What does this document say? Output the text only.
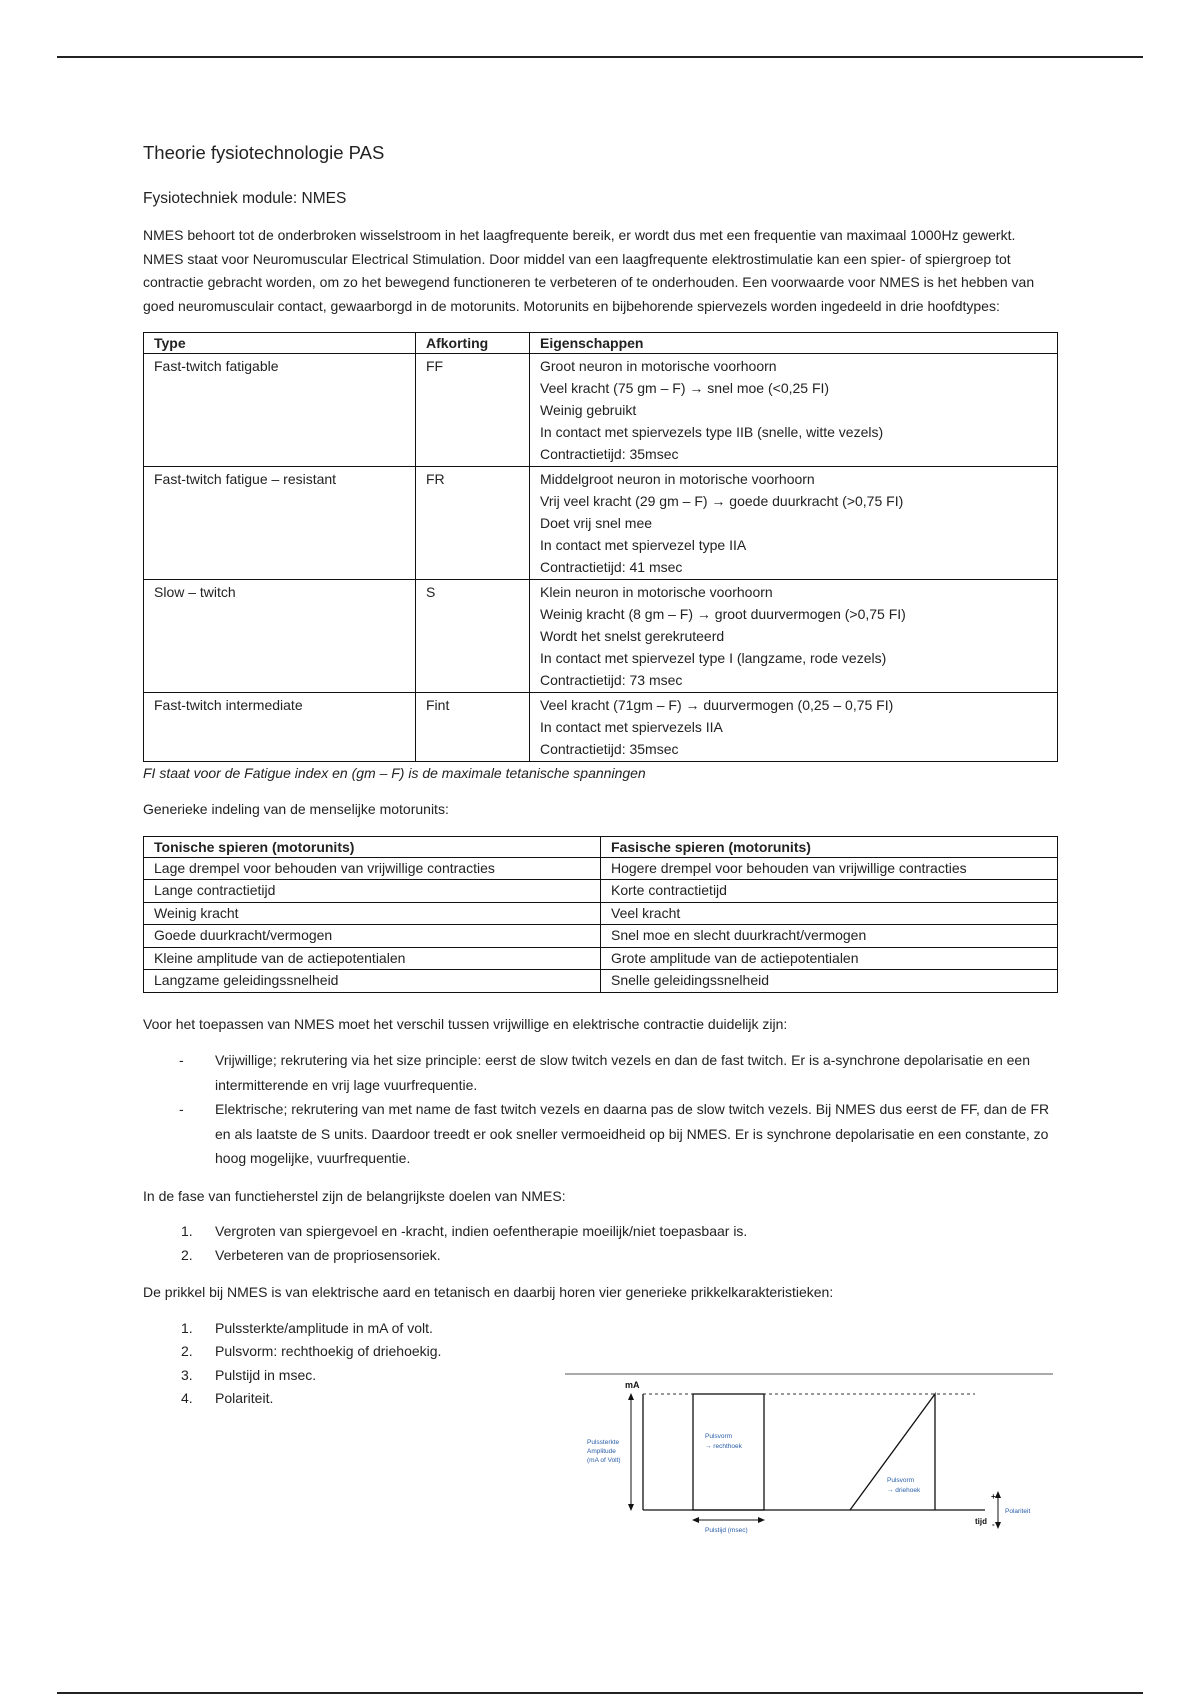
Theorie fysiotechnologie PAS
Fysiotechniek module: NMES

NMES behoort tot de onderbroken wisselstroom in het laagfrequente bereik, er wordt dus met een frequentie van maximaal 1000Hz gewerkt. NMES staat voor Neuromuscular Electrical Stimulation. Door middel van een laagfrequente elektrostimulatie kan een spier- of spiergroep tot contractie gebracht worden, om zo het bewegend functioneren te verbeteren of te onderhouden. Een voorwaarde voor NMES is het hebben van goed neuromusculair contact, gewaarborgd in de motorunits. Motorunits en bijbehorende spiervezels worden ingedeeld in drie hoofdtypes:

Type	Afkorting	Eigenschappen
Fast-twitch fatigable	FF	Groot neuron in motorische voorhoorn
Veel kracht (75 gm – F) → snel moe (<0,25 FI)
Weinig gebruikt
In contact met spiervezels type IIB (snelle, witte vezels)
Contractietijd: 35msec

Fast-twitch fatigue – resistant	FR	Middelgroot neuron in motorische voorhoorn
Vrij veel kracht (29 gm – F) → goede duurkracht (>0,75 FI)
Doet vrij snel mee
In contact met spiervezel type IIA
Contractietijd: 41 msec

Slow – twitch	S	Klein neuron in motorische voorhoorn
Weinig kracht (8 gm – F) → groot duurvermogen (>0,75 FI)
Wordt het snelst gerekruteerd
In contact met spiervezel type I (langzame, rode vezels)
Contractietijd: 73 msec

Fast-twitch intermediate	Fint	Veel kracht (71gm – F) → duurvermogen (0,25 – 0,75 FI)
In contact met spiervezels IIA
Contractietijd: 35msec
FI staat voor de Fatigue index en (gm – F) is de maximale tetanische spanningen

Generieke indeling van de menselijke motorunits:

Tonische spieren (motorunits)	Fasische spieren (motorunits)
Lage drempel voor behouden van vrijwillige contracties	Hogere drempel voor behouden van vrijwillige contracties
Lange contractietijd	Korte contractietijd
Weinig kracht	Veel kracht
Goede duurkracht/vermogen	Snel moe en slecht duurkracht/vermogen
Kleine amplitude van de actiepotentialen	Grote amplitude van de actiepotentialen
Langzame geleidingssnelheid	Snelle geleidingssnelheid

Voor het toepassen van NMES moet het verschil tussen vrijwillige en elektrische contractie duidelijk zijn:

- Vrijwillige; rekrutering via het size principle: eerst de slow twitch vezels en dan de fast twitch. Er is a-synchrone depolarisatie en een intermitterende en vrij lage vuurfrequentie.
- Elektrische; rekrutering van met name de fast twitch vezels en daarna pas de slow twitch vezels. Bij NMES dus eerst de FF, dan de FR en als laatste de S units. Daardoor treedt er ook sneller vermoeidheid op bij NMES. Er is synchrone depolarisatie en een constante, zo hoog mogelijke, vuurfrequentie.

In de fase van functieherstel zijn de belangrijkste doelen van NMES:

1. Vergroten van spiergevoel en -kracht, indien oefentherapie moeilijk/niet toepasbaar is.
2. Verbeteren van de propriosensoriek.

De prikkel bij NMES is van elektrische aard en tetanisch en daarbij horen vier generieke prikkelkarakteristieken:

1. Pulssterkte/amplitude in mA of volt.
2. Pulsvorm: rechthoekig of driehoekig.
3. Pulstijd in msec.
4. Polariteit.
mA
tijd
Pulssterkte Amplitude (mA of Volt)
Pulsvorm → rechthoek
Pulstijd (msec)
Pulsvorm → driehoek
+
-
Polariteit
